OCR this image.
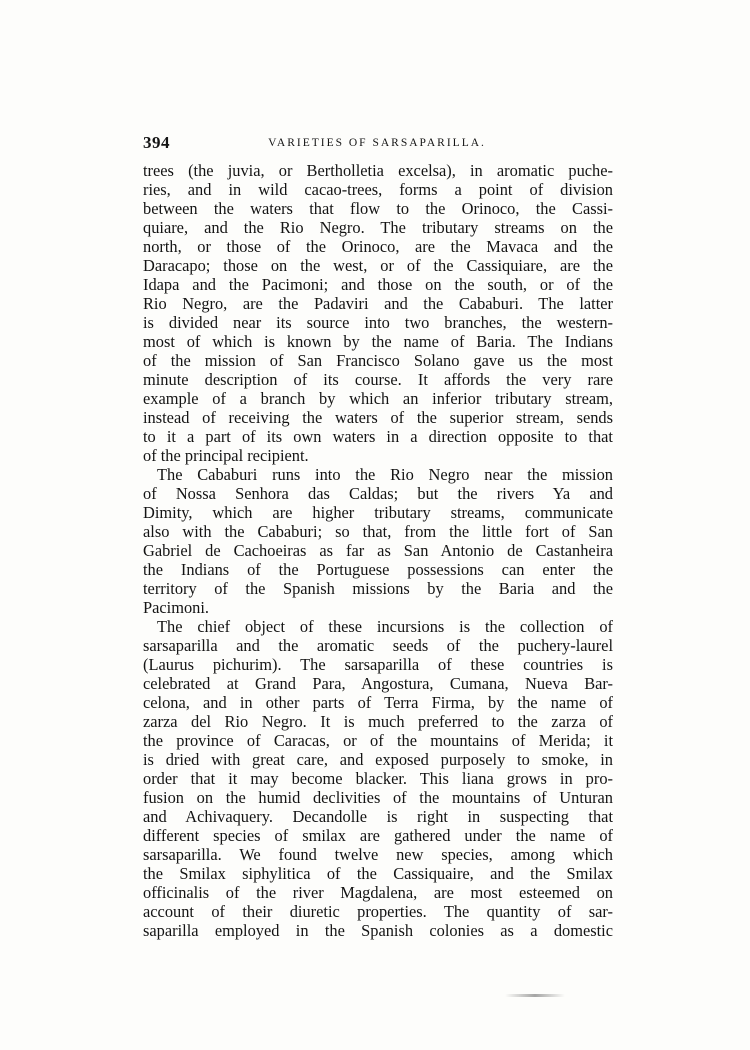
394	VARIETIES OF SARSAPARILLA.
trees (the juvia, or Bertholletia excelsa), in aromatic puche-
ries, and in wild cacao-trees, forms a point of division
between the waters that flow to the Orinoco, the Cassi-
quiare, and the Rio Negro. The tributary streams on the
north, or those of the Orinoco, are the Mavaca and the
Daracapo; those on the west, or of the Cassiquiare, are the
Idapa and the Pacimoni; and those on the south, or of the
Rio Negro, are the Padaviri and the Cababuri. The latter
is divided near its source into two branches, the western-
most of which is known by the name of Baria. The Indians
of the mission of San Francisco Solano gave us the most
minute description of its course. It affords the very rare
example of a branch by which an inferior tributary stream,
instead of receiving the waters of the superior stream, sends
to it a part of its own waters in a direction opposite to that
of the principal recipient.
The Cababuri runs into the Rio Negro near the mission
of Nossa Senhora das Caldas; but the rivers Ya and
Dimity, which are higher tributary streams, communicate
also with the Cababuri; so that, from the little fort of San
Gabriel de Cachoeiras as far as San Antonio de Castanheira
the Indians of the Portuguese possessions can enter the
territory of the Spanish missions by the Baria and the
Pacimoni.
The chief object of these incursions is the collection of
sarsaparilla and the aromatic seeds of the puchery-laurel
(Laurus pichurim). The sarsaparilla of these countries is
celebrated at Grand Para, Angostura, Cumana, Nueva Bar-
celona, and in other parts of Terra Firma, by the name of
zarza del Rio Negro. It is much preferred to the zarza of
the province of Caracas, or of the mountains of Merida; it
is dried with great care, and exposed purposely to smoke, in
order that it may become blacker. This liana grows in pro-
fusion on the humid declivities of the mountains of Unturan
and Achivaquery. Decandolle is right in suspecting that
different species of smilax are gathered under the name of
sarsaparilla. We found twelve new species, among which
the Smilax siphylitica of the Cassiquaire, and the Smilax
officinalis of the river Magdalena, are most esteemed on
account of their diuretic properties. The quantity of sar-
saparilla employed in the Spanish colonies as a domestic
